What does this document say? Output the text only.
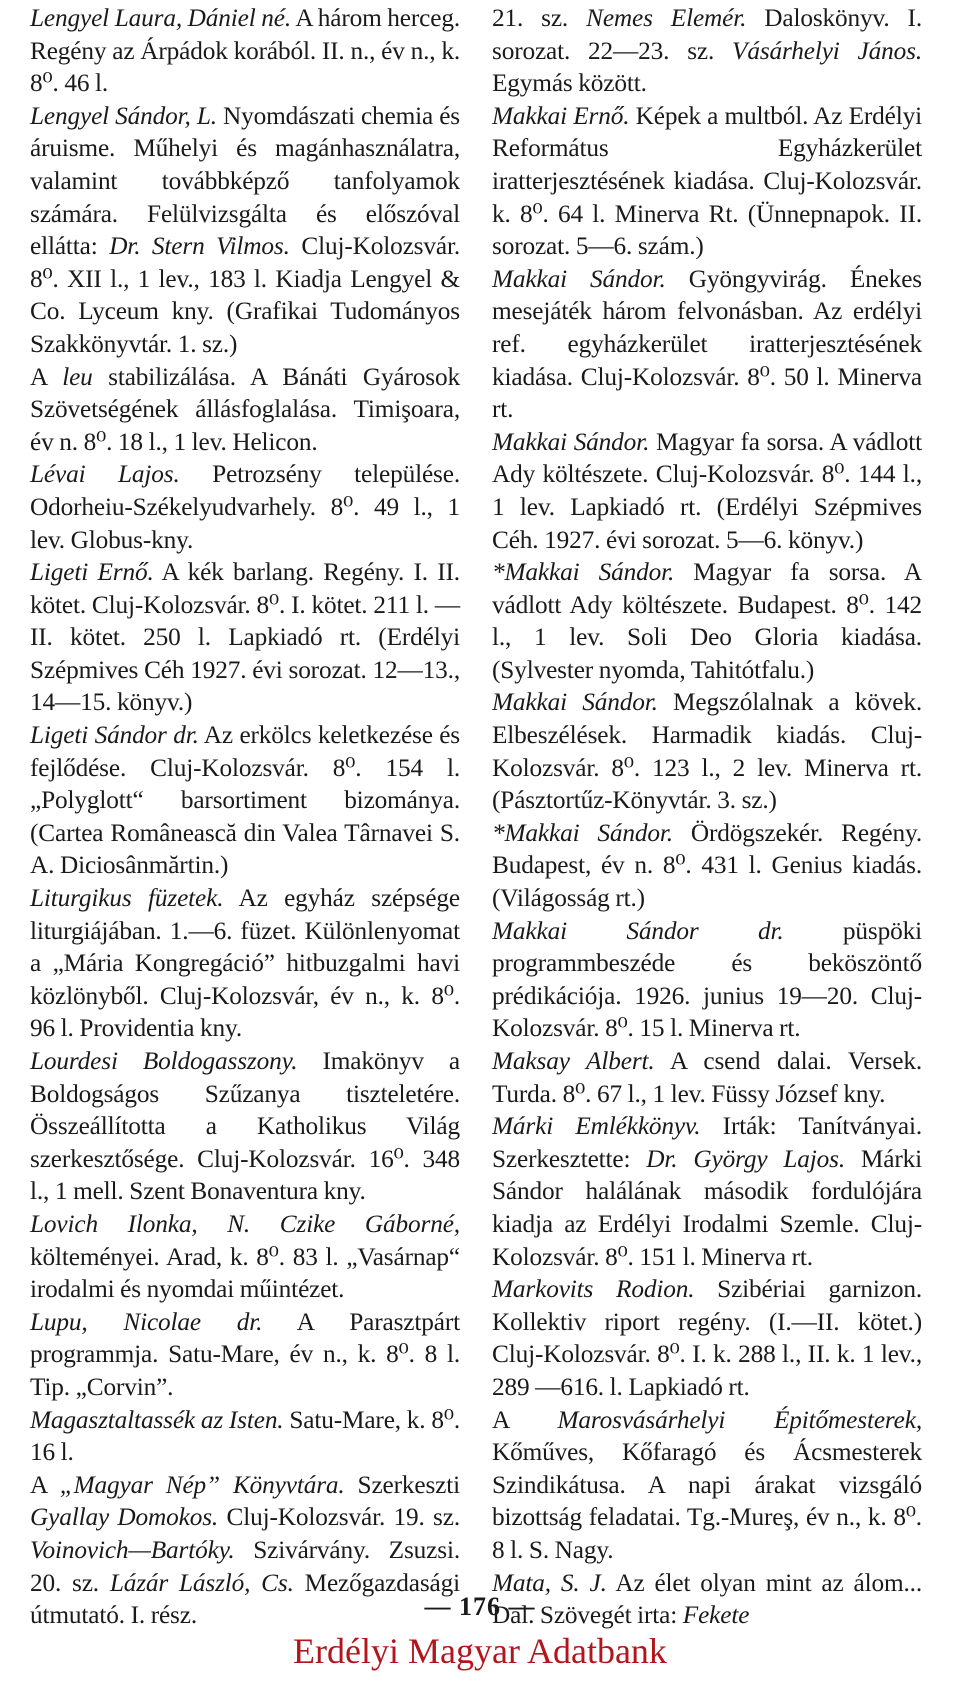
Lengyel Laura, Dániel né. A három herceg. Regény az Árpádok korából. II. n., év n., k. 8⁰. 46 l.
Lengyel Sándor, L. Nyomdászati chemia és áruisme. Műhelyi és magánhasználatra, valamint továbbképző tanfolyamok számára. Felülvizsgálta és előszóval ellátta: Dr. Stern Vilmos. Cluj-Kolozsvár. 8⁰. XII l., 1 lev., 183 l. Kiadja Lengyel & Co. Lyceum kny. (Grafikai Tudományos Szakkönyvtár. 1. sz.)
A leu stabilizálása. A Bánáti Gyárosok Szövetségének állásfoglalása. Timişoara, év n. 8⁰. 18 l., 1 lev. Helicon.
Lévai Lajos. Petrozsény települése. Odorheiu-Székelyudvarhely. 8⁰. 49 l., 1 lev. Globus-kny.
Ligeti Ernő. A kék barlang. Regény. I. II. kötet. Cluj-Kolozsvár. 8⁰. I. kötet. 211 l. — II. kötet. 250 l. Lapkiadó rt. (Erdélyi Szépmives Céh 1927. évi sorozat. 12—13., 14—15. könyv.)
Ligeti Sándor dr. Az erkölcs keletkezése és fejlődése. Cluj-Kolozsvár. 8⁰. 154 l. „Polyglott“ barsortiment bizománya. (Cartea Românească din Valea Târnavei S. A. Diciosânmărtin.)
Liturgikus füzetek. Az egyház szépsége liturgiájában. 1.—6. füzet. Különlenyomat a „Mária Kongregáció” hitbuzgalmi havi közlönyből. Cluj-Kolozsvár, év n., k. 8⁰. 96 l. Providentia kny.
Lourdesi Boldogasszony. Imakönyv a Boldogságos Szűzanya tiszteletére. Összeállította a Katholikus Világ szerkesztősége. Cluj-Kolozsvár. 16⁰. 348 l., 1 mell. Szent Bonaventura kny.
Lovich Ilonka, N. Czike Gáborné, költeményei. Arad, k. 8⁰. 83 l. „Vasárnap“ irodalmi és nyomdai műintézet.
Lupu, Nicolae dr. A Parasztpárt programmja. Satu-Mare, év n., k. 8⁰. 8 l. Tip. „Corvin”.
Magasztaltassék az Isten. Satu-Mare, k. 8⁰. 16 l.
A „Magyar Nép” Könyvtára. Szerkeszti Gyallay Domokos. Cluj-Kolozsvár. 19. sz. Voinovich—Bartóky. Szivárvány. Zsuzsi. 20. sz. Lázár László, Cs. Mezőgazdasági útmutató. I. rész.
21. sz. Nemes Elemér. Daloskönyv. I. sorozat. 22—23. sz. Vásárhelyi János. Egymás között.
Makkai Ernő. Képek a multból. Az Erdélyi Református Egyházkerület iratterjesztésének kiadása. Cluj-Kolozsvár. k. 8⁰. 64 l. Minerva Rt. (Ünnepnapok. II. sorozat. 5—6. szám.)
Makkai Sándor. Gyöngyvirág. Énekes mesejáték három felvonásban. Az erdélyi ref. egyházkerület iratterjesztésének kiadása. Cluj-Kolozsvár. 8⁰. 50 l. Minerva rt.
Makkai Sándor. Magyar fa sorsa. A vádlott Ady költészete. Cluj-Kolozsvár. 8⁰. 144 l., 1 lev. Lapkiadó rt. (Erdélyi Szépmives Céh. 1927. évi sorozat. 5—6. könyv.)
*Makkai Sándor. Magyar fa sorsa. A vádlott Ady költészete. Budapest. 8⁰. 142 l., 1 lev. Soli Deo Gloria kiadása. (Sylvester nyomda, Tahitótfalu.)
Makkai Sándor. Megszólalnak a kövek. Elbeszélések. Harmadik kiadás. Cluj-Kolozsvár. 8⁰. 123 l., 2 lev. Minerva rt. (Pásztortűz-Könyvtár. 3. sz.)
*Makkai Sándor. Ördögszekér. Regény. Budapest, év n. 8⁰. 431 l. Genius kiadás. (Világosság rt.)
Makkai Sándor dr. püspöki programmbeszéde és beköszöntő prédikációja. 1926. junius 19—20. Cluj-Kolozsvár. 8⁰. 15 l. Minerva rt.
Maksay Albert. A csend dalai. Versek. Turda. 8⁰. 67 l., 1 lev. Füssy József kny.
Márki Emlékkönyv. Irták: Tanítványai. Szerkesztette: Dr. György Lajos. Márki Sándor halálának második fordulójára kiadja az Erdélyi Irodalmi Szemle. Cluj-Kolozsvár. 8⁰. 151 l. Minerva rt.
Markovits Rodion. Szibériai garnizon. Kollektiv riport regény. (I.—II. kötet.) Cluj-Kolozsvár. 8⁰. I. k. 288 l., II. k. 1 lev., 289 —616. l. Lapkiadó rt.
A Marosvásárhelyi Épitőmesterek, Kőműves, Kőfaragó és Ácsmesterek Szindikátusa. A napi árakat vizsgáló bizottság feladatai. Tg.-Mureş, év n., k. 8⁰. 8 l. S. Nagy.
Mata, S. J. Az élet olyan mint az álom... Dal. Szövegét irta: Fekete
— 176 —
Erdélyi Magyar Adatbank
